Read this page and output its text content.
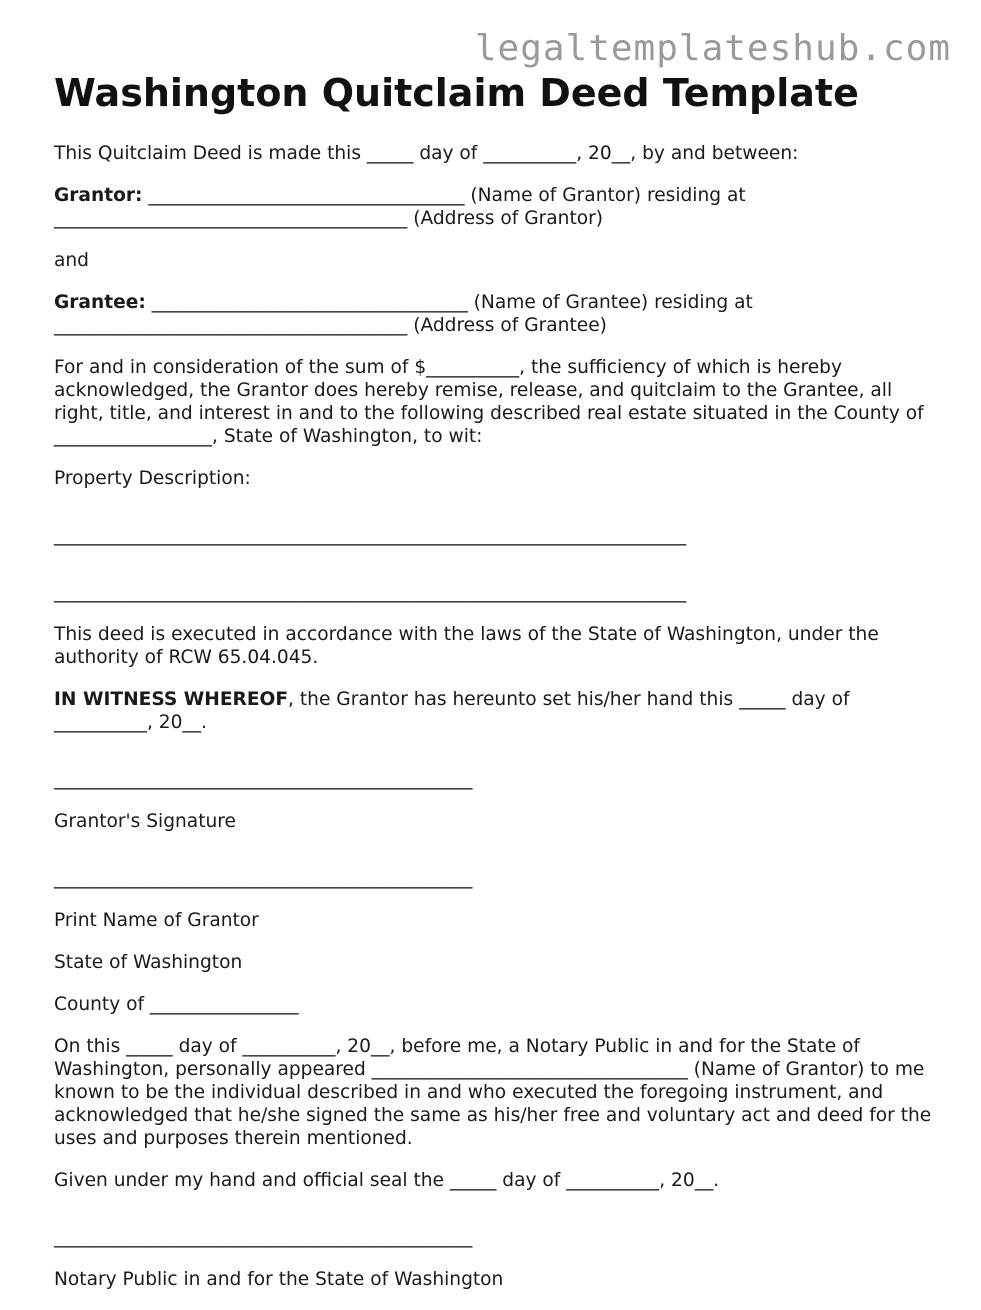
legaltemplateshub.com
Washington Quitclaim Deed Template

This Quitclaim Deed is made this _____ day of __________, 20__, by and between:

Grantor: __________________________________ (Name of Grantor) residing at
______________________________________ (Address of Grantor)

and

Grantee: __________________________________ (Name of Grantee) residing at
______________________________________ (Address of Grantee)

For and in consideration of the sum of $__________, the sufficiency of which is hereby acknowledged, the Grantor does hereby remise, release, and quitclaim to the Grantee, all right, title, and interest in and to the following described real estate situated in the County of _________________, State of Washington, to wit:

Property Description:

____________________________________________________________________

____________________________________________________________________

This deed is executed in accordance with the laws of the State of Washington, under the authority of RCW 65.04.045.

IN WITNESS WHEREOF, the Grantor has hereunto set his/her hand this _____ day of __________, 20__.

_____________________________________________

Grantor's Signature

_____________________________________________

Print Name of Grantor

State of Washington

County of ________________

On this _____ day of __________, 20__, before me, a Notary Public in and for the State of Washington, personally appeared __________________________________ (Name of Grantor) to me known to be the individual described in and who executed the foregoing instrument, and acknowledged that he/she signed the same as his/her free and voluntary act and deed for the uses and purposes therein mentioned.

Given under my hand and official seal the _____ day of __________, 20__.

_____________________________________________

Notary Public in and for the State of Washington
